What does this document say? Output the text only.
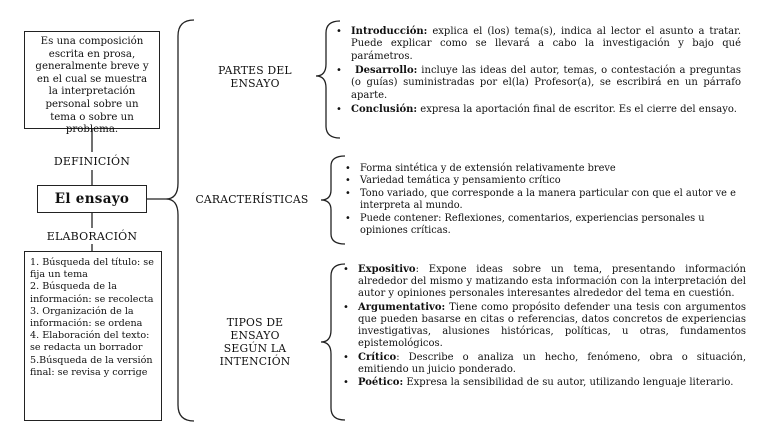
Es una composición escrita en prosa, generalmente breve y en el cual se muestra la interpretación personal sobre un tema o sobre un problema.
DEFINICIÓN
El ensayo
ELABORACIÓN
1. Búsqueda del título: se fija un tema
2. Búsqueda de la información: se recolecta
3. Organización de la información: se ordena
4. Elaboración del texto: se redacta un borrador
5.Búsqueda de la versión final: se revisa y corrige
PARTES DEL ENSAYO
CARACTERÍSTICAS
TIPOS DE ENSAYO SEGÚN LA INTENCIÓN
• Introducción: explica el (los) tema(s), indica al lector el asunto a tratar. Puede explicar como se llevará a cabo la investigación y bajo qué parámetros.
• Desarrollo: incluye las ideas del autor, temas, o contestación a preguntas (o guías) suministradas por el(la) Profesor(a), se escribirá en un párrafo aparte.
• Conclusión: expresa la aportación final de escritor. Es el cierre del ensayo.
• Forma sintética y de extensión relativamente breve
• Variedad temática y pensamiento crítico
• Tono variado, que corresponde a la manera particular con que el autor ve e interpreta al mundo.
• Puede contener: Reflexiones, comentarios, experiencias personales u opiniones críticas.
• Expositivo: Expone ideas sobre un tema, presentando información alrededor del mismo y matizando esta información con la interpretación del autor y opiniones personales interesantes alrededor del tema en cuestión.
• Argumentativo: Tiene como propósito defender una tesis con argumentos que pueden basarse en citas o referencias, datos concretos de experiencias investigativas, alusiones históricas, políticas, u otras, fundamentos epistemológicos.
• Crítico: Describe o analiza un hecho, fenómeno, obra o situación, emitiendo un juicio ponderado.
• Poético: Expresa la sensibilidad de su autor, utilizando lenguaje literario.
